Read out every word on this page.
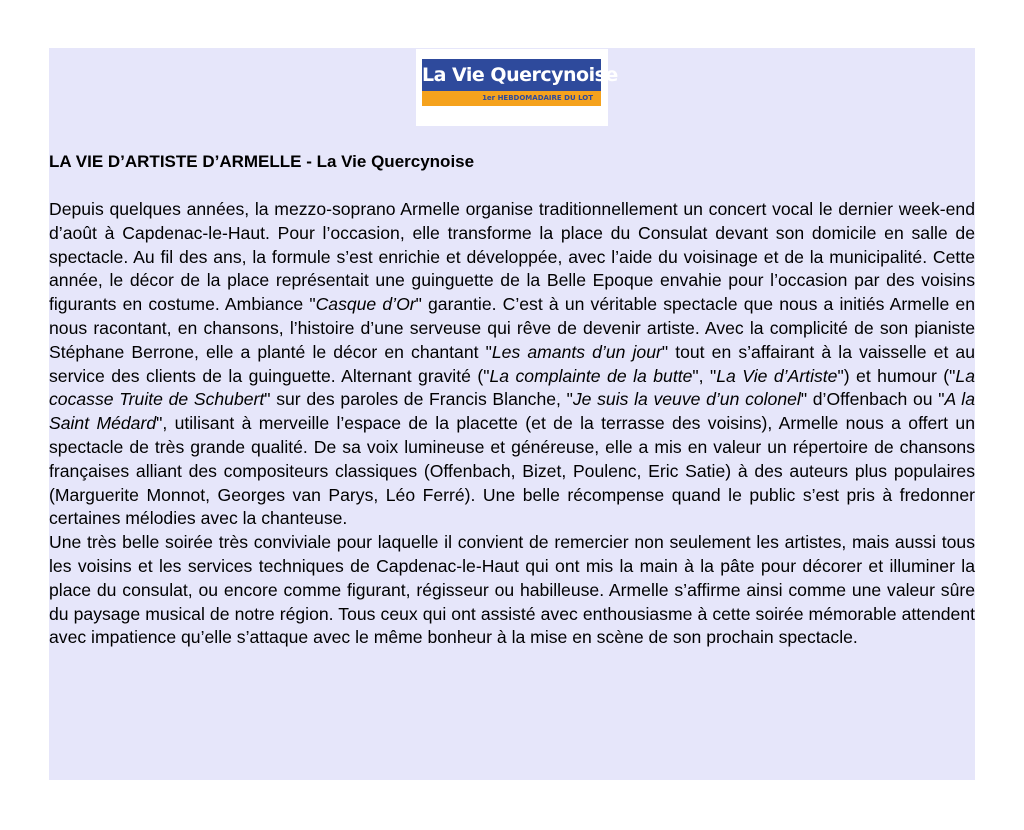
La Vie Quercynoise
1er HEBDOMADAIRE DU LOT
LA VIE D’ARTISTE D’ARMELLE - La Vie Quercynoise

Depuis quelques années, la mezzo-soprano Armelle organise traditionnellement un concert vocal le dernier week-end d’août à Capdenac-le-Haut. Pour l’occasion, elle transforme la place du Consulat devant son domicile en salle de spectacle. Au fil des ans, la formule s’est enrichie et développée, avec l’aide du voisinage et de la municipalité. Cette année, le décor de la place représentait une guinguette de la Belle Epoque envahie pour l’occasion par des voisins figurants en costume. Ambiance "Casque d’Or" garantie. C’est à un véritable spectacle que nous a initiés Armelle en nous racontant, en chansons, l’histoire d’une serveuse qui rêve de devenir artiste. Avec la complicité de son pianiste Stéphane Berrone, elle a planté le décor en chantant "Les amants d’un jour" tout en s’affairant à la vaisselle et au service des clients de la guinguette. Alternant gravité ("La complainte de la butte", "La Vie d’Artiste") et humour ("La cocasse Truite de Schubert" sur des paroles de Francis Blanche, "Je suis la veuve d’un colonel" d’Offenbach ou "A la Saint Médard", utilisant à merveille l’espace de la placette (et de la terrasse des voisins), Armelle nous a offert un spectacle de très grande qualité. De sa voix lumineuse et généreuse, elle a mis en valeur un répertoire de chansons françaises alliant des compositeurs classiques (Offenbach, Bizet, Poulenc, Eric Satie) à des auteurs plus populaires (Marguerite Monnot, Georges van Parys, Léo Ferré). Une belle récompense quand le public s’est pris à fredonner certaines mélodies avec la chanteuse.

Une très belle soirée très conviviale pour laquelle il convient de remercier non seulement les artistes, mais aussi tous les voisins et les services techniques de Capdenac-le-Haut qui ont mis la main à la pâte pour décorer et illuminer la place du consulat, ou encore comme figurant, régisseur ou habilleuse. Armelle s’affirme ainsi comme une valeur sûre du paysage musical de notre région. Tous ceux qui ont assisté avec enthousiasme à cette soirée mémorable attendent avec impatience qu’elle s’attaque avec le même bonheur à la mise en scène de son prochain spectacle.
